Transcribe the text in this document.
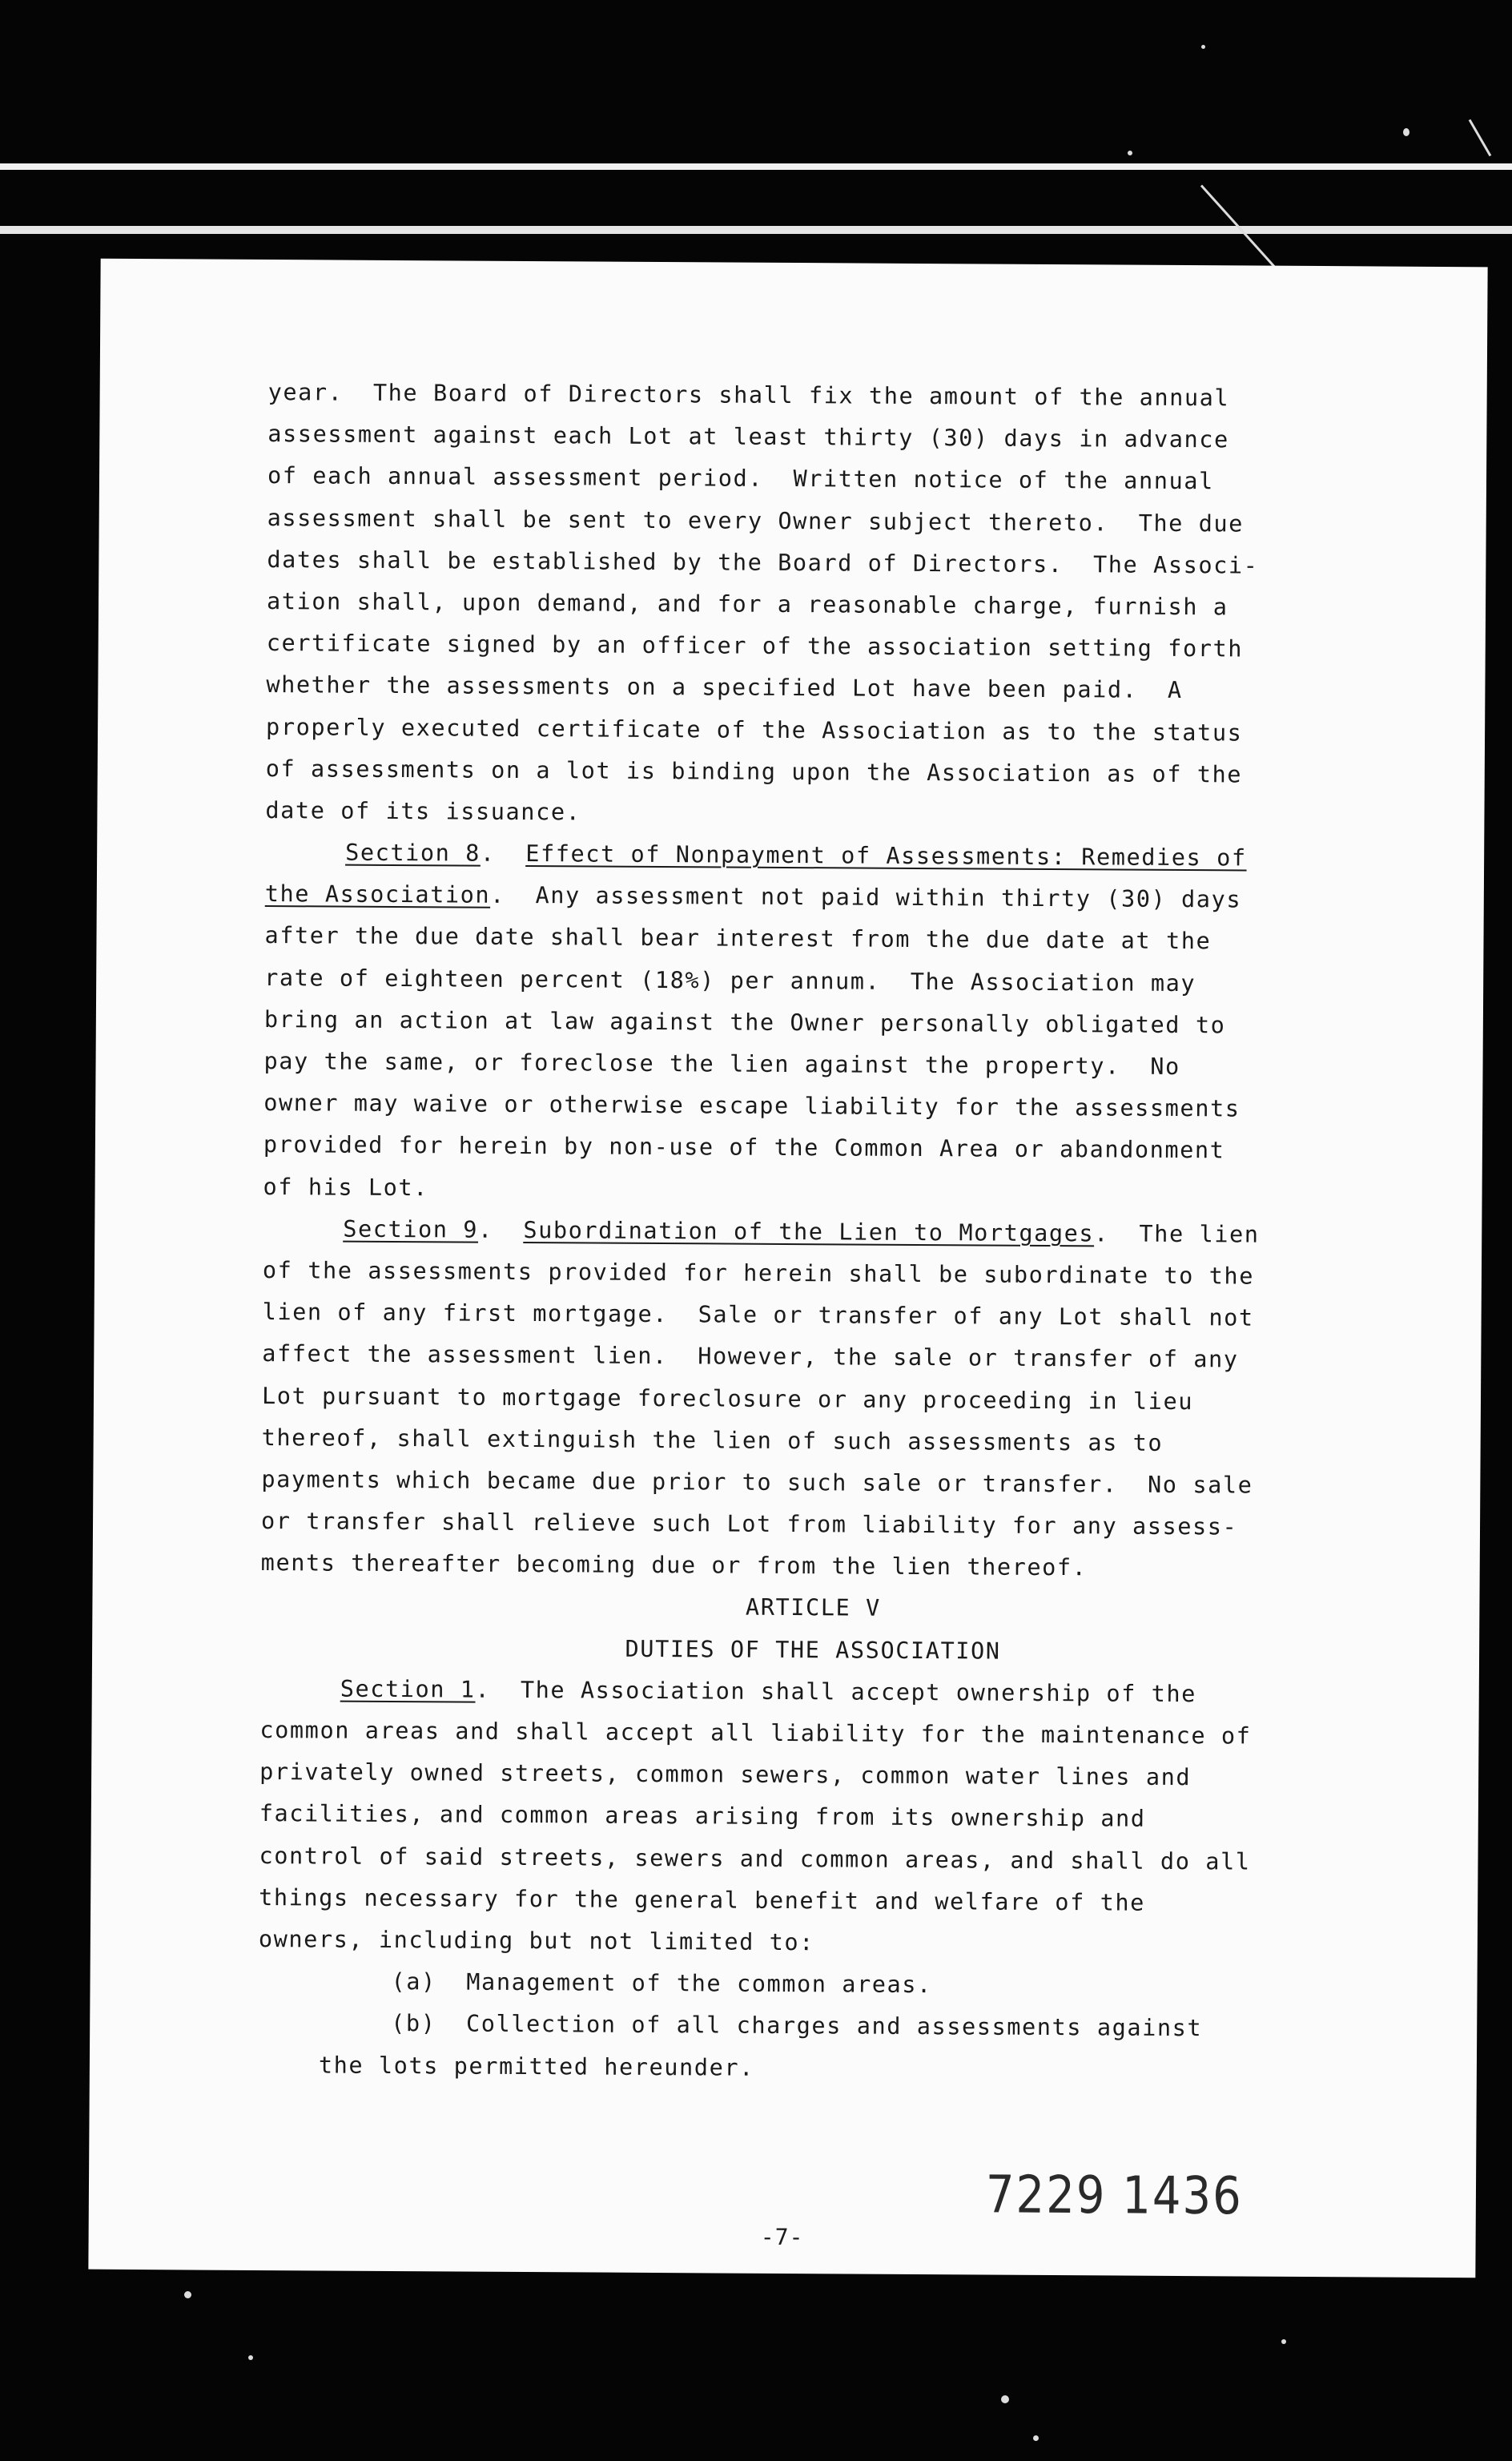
year.  The Board of Directors shall fix the amount of the annual
assessment against each Lot at least thirty (30) days in advance
of each annual assessment period.  Written notice of the annual
assessment shall be sent to every Owner subject thereto.  The due
dates shall be established by the Board of Directors.  The Associ-
ation shall, upon demand, and for a reasonable charge, furnish a
certificate signed by an officer of the association setting forth
whether the assessments on a specified Lot have been paid.  A
properly executed certificate of the Association as to the status
of assessments on a lot is binding upon the Association as of the
date of its issuance.
Section 8.  Effect of Nonpayment of Assessments: Remedies of
the Association.  Any assessment not paid within thirty (30) days
after the due date shall bear interest from the due date at the
rate of eighteen percent (18%) per annum.  The Association may
bring an action at law against the Owner personally obligated to
pay the same, or foreclose the lien against the property.  No
owner may waive or otherwise escape liability for the assessments
provided for herein by non-use of the Common Area or abandonment
of his Lot.
Section 9.  Subordination of the Lien to Mortgages.  The lien
of the assessments provided for herein shall be subordinate to the
lien of any first mortgage.  Sale or transfer of any Lot shall not
affect the assessment lien.  However, the sale or transfer of any
Lot pursuant to mortgage foreclosure or any proceeding in lieu
thereof, shall extinguish the lien of such assessments as to
payments which became due prior to such sale or transfer.  No sale
or transfer shall relieve such Lot from liability for any assess-
ments thereafter becoming due or from the lien thereof.
ARTICLE V
DUTIES OF THE ASSOCIATION
Section 1.  The Association shall accept ownership of the
common areas and shall accept all liability for the maintenance of
privately owned streets, common sewers, common water lines and
facilities, and common areas arising from its ownership and
control of said streets, sewers and common areas, and shall do all
things necessary for the general benefit and welfare of the
owners, including but not limited to:
(a) Management of the common areas.
(b) Collection of all charges and assessments against
the lots permitted hereunder.
7229 1436
-7-
